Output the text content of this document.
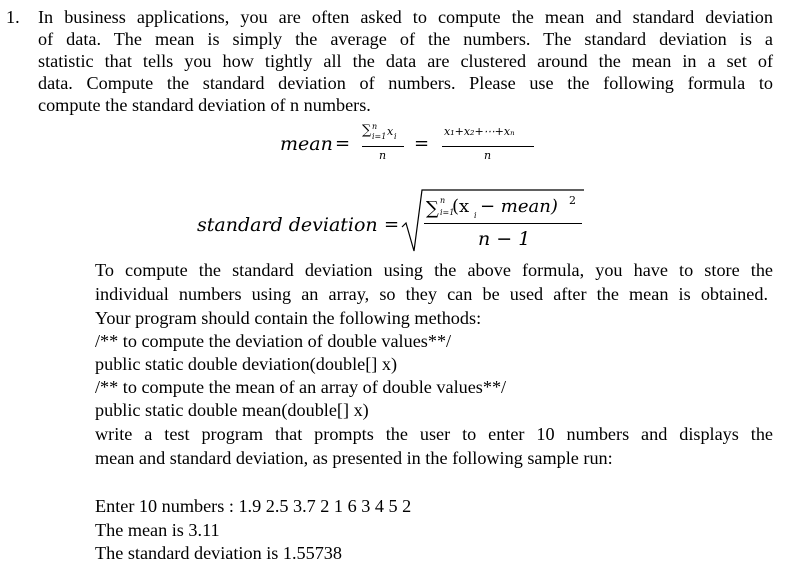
1. In business applications, you are often asked to compute the mean and standard deviation
of data. The mean is simply the average of the numbers. The standard deviation is a
statistic that tells you how tightly all the data are clustered around the mean in a set of
data. Compute the standard deviation of numbers. Please use the following formula to
compute the standard deviation of n numbers.
mean =
∑ n
i=1 x i
n
=
x₁+x₂+⋯+xₙ
n
standard deviation =
∑ n
i=1
(x i − mean) 2
n − 1
To compute the standard deviation using the above formula, you have to store the
individual numbers using an array, so they can be used after the mean is obtained.
Your program should contain the following methods:
/** to compute the deviation of double values**/
public static double deviation(double[] x)
/** to compute the mean of an array of double values**/
public static double mean(double[] x)
write a test program that prompts the user to enter 10 numbers and displays the
mean and standard deviation, as presented in the following sample run:
Enter 10 numbers : 1.9 2.5 3.7 2 1 6 3 4 5 2
The mean is 3.11
The standard deviation is 1.55738
